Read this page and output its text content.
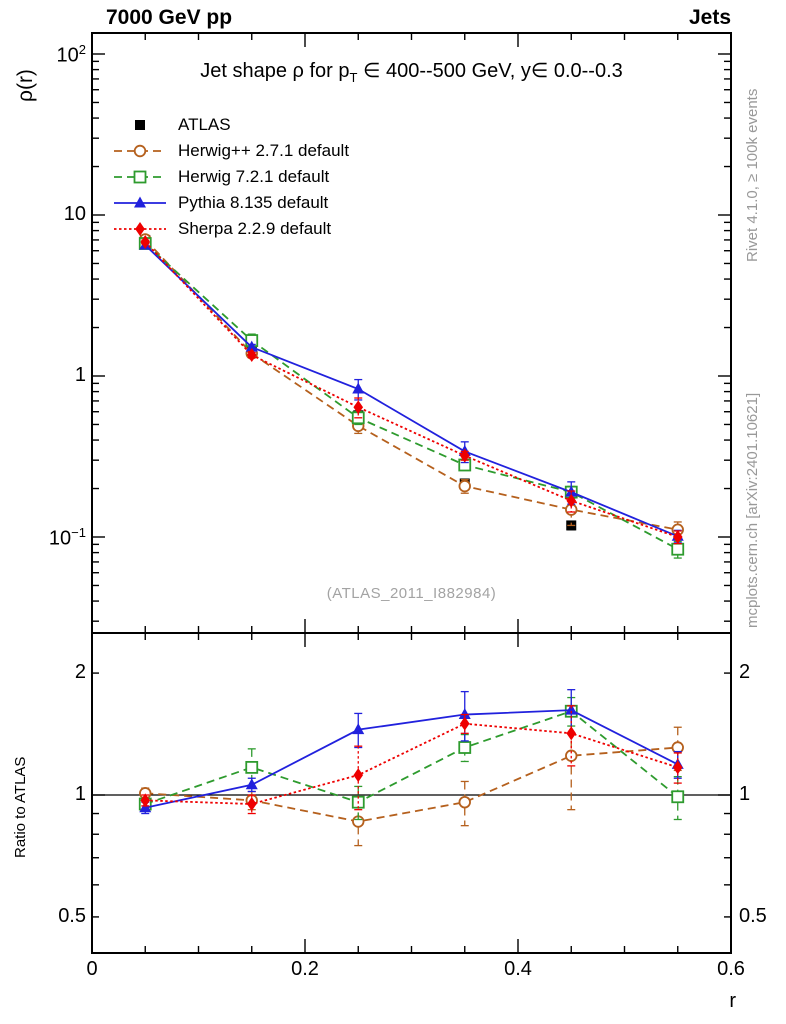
7000 GeV pp	Jets
Jet shape ρ for $p_T$ ∈ 400--500 GeV, y∈ 0.0--0.3
ρ(r)
Ratio to ATLAS
r
(ATLAS_2011_I882984)
Rivet 4.1.0, ≥ 100k events
mcplots.cern.ch [arXiv:2401.10621]
ATLAS
Herwig++ 2.7.1 default
Herwig 7.2.1 default
Pythia 8.135 default
Sherpa 2.2.9 default
$10^2$
10
1
$10^{-1}$
2	2
1	1
0.5	0.5
0	0.2	0.4	0.6
